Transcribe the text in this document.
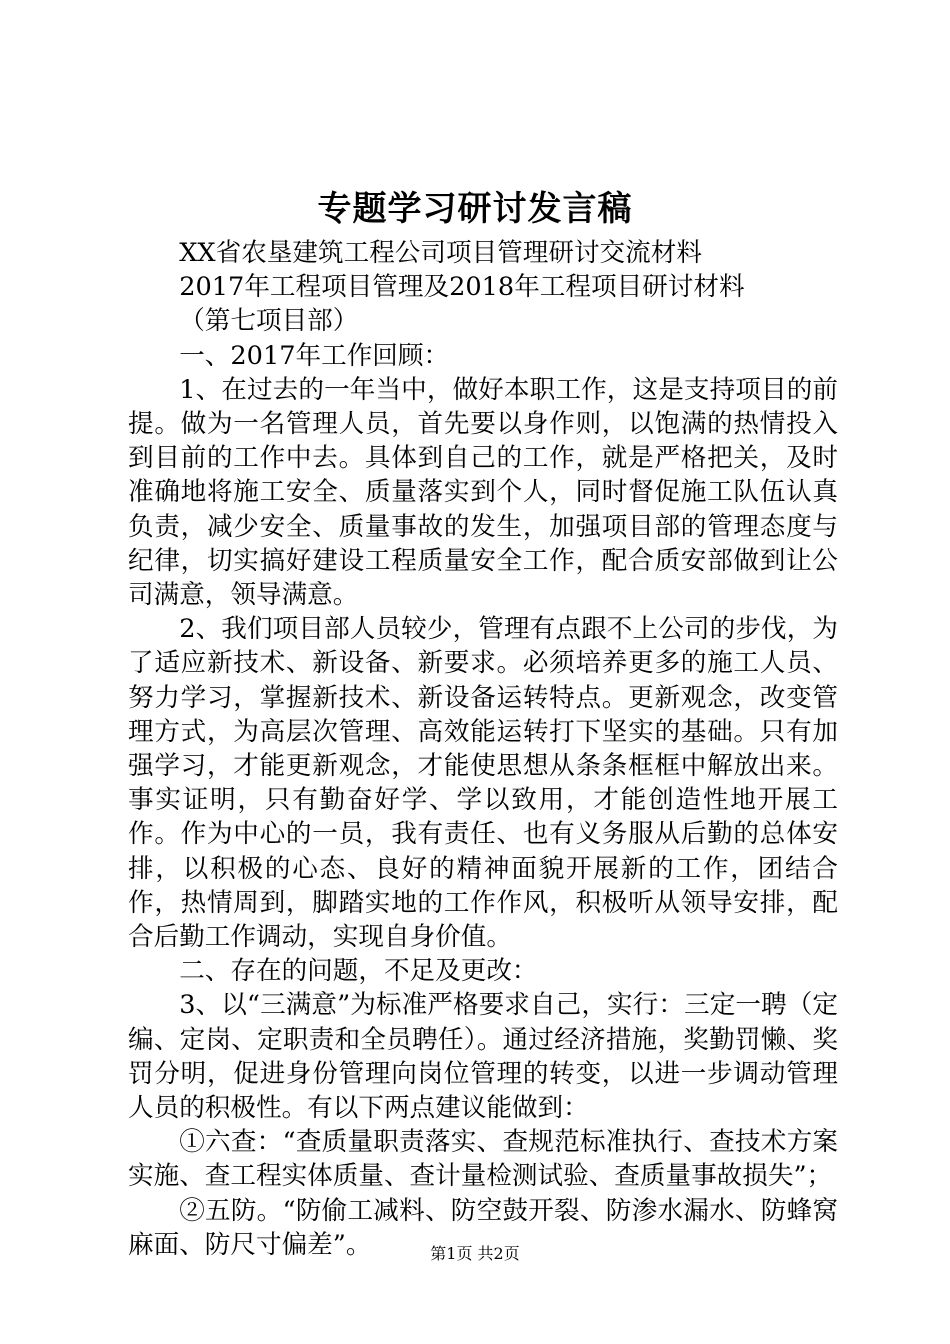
专题学习研讨发言稿

XX省农垦建筑工程公司项目管理研讨交流材料

2017年工程项目管理及2018年工程项目研讨材料

（第七项目部）

一、2017年工作回顾：

1、在过去的一年当中，做好本职工作，这是支持项目的前提。做为一名管理人员，首先要以身作则，以饱满的热情投入到目前的工作中去。具体到自己的工作，就是严格把关，及时准确地将施工安全、质量落实到个人，同时督促施工队伍认真负责，减少安全、质量事故的发生，加强项目部的管理态度与纪律，切实搞好建设工程质量安全工作，配合质安部做到让公司满意，领导满意。

2、我们项目部人员较少，管理有点跟不上公司的步伐，为了适应新技术、新设备、新要求。必须培养更多的施工人员、努力学习，掌握新技术、新设备运转特点。更新观念，改变管理方式，为高层次管理、高效能运转打下坚实的基础。只有加强学习，才能更新观念，才能使思想从条条框框中解放出来。事实证明，只有勤奋好学、学以致用，才能创造性地开展工作。作为中心的一员，我有责任、也有义务服从后勤的总体安排，以积极的心态、良好的精神面貌开展新的工作，团结合作，热情周到，脚踏实地的工作作风，积极听从领导安排，配合后勤工作调动，实现自身价值。

二、存在的问题，不足及更改：

3、以“三满意”为标准严格要求自己，实行：三定一聘（定编、定岗、定职责和全员聘任）。通过经济措施，奖勤罚懒、奖罚分明，促进身份管理向岗位管理的转变，以进一步调动管理人员的积极性。有以下两点建议能做到：

①六查：“查质量职责落实、查规范标准执行、查技术方案实施、查工程实体质量、查计量检测试验、查质量事故损失”；

②五防。“防偷工减料、防空鼓开裂、防渗水漏水、防蜂窝麻面、防尺寸偏差”。	第1页 共2页
